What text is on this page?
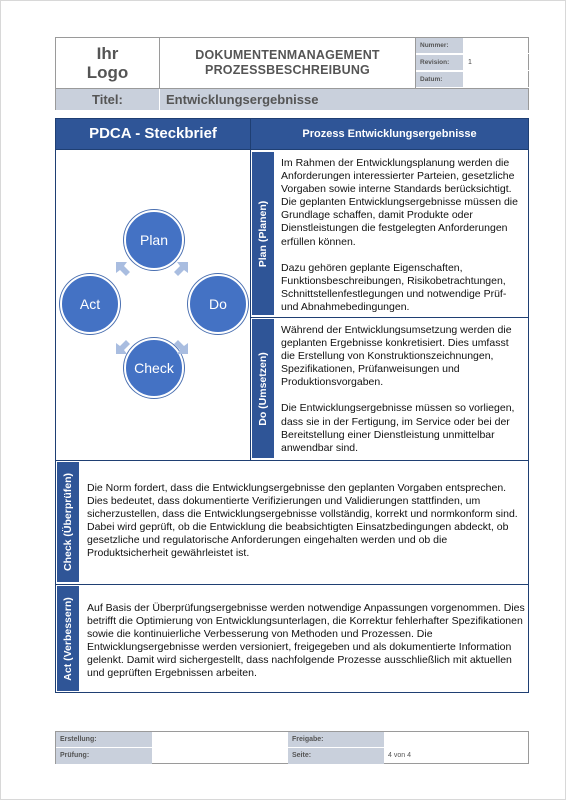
Ihr
Logo
DOKUMENTENMANAGEMENT
PROZESSBESCHREIBUNG
Nummer:
Revision:	1
Datum:
Titel:	Entwicklungsergebnisse
PDCA - Steckbrief	Prozess Entwicklungsergebnisse
Plan
Do
Check
Act
Plan (Planen)

Im Rahmen der Entwicklungsplanung werden die Anforderungen interessierter Parteien, gesetzliche Vorgaben sowie interne Standards berücksichtigt. Die geplanten Entwicklungsergebnisse müssen die Grundlage schaffen, damit Produkte oder Dienstleistungen die festgelegten Anforderungen erfüllen können.

Dazu gehören geplante Eigenschaften, Funktionsbeschreibungen, Risikobetrachtungen, Schnittstellenfestlegungen und notwendige Prüf- und Abnahmebedingungen.

Do (Umsetzen)

Während der Entwicklungsumsetzung werden die geplanten Ergebnisse konkretisiert. Dies umfasst die Erstellung von Konstruktionszeichnungen, Spezifikationen, Prüfanweisungen und Produktionsvorgaben.

Die Entwicklungsergebnisse müssen so vorliegen, dass sie in der Fertigung, im Service oder bei der Bereitstellung einer Dienstleistung unmittelbar anwendbar sind.

Check (Überprüfen) Die Norm fordert, dass die Entwicklungsergebnisse den geplanten Vorgaben entsprechen. Dies bedeutet, dass dokumentierte Verifizierungen und Validierungen stattfinden, um sicherzustellen, dass die Entwicklungsergebnisse vollständig, korrekt und normkonform sind. Dabei wird geprüft, ob die Entwicklung die beabsichtigten Einsatzbedingungen abdeckt, ob gesetzliche und regulatorische Anforderungen eingehalten werden und ob die Produktsicherheit gewährleistet ist.
Act (Verbessern) Auf Basis der Überprüfungsergebnisse werden notwendige Anpassungen vorgenommen. Dies betrifft die Optimierung von Entwicklungsunterlagen, die Korrektur fehlerhafter Spezifikationen sowie die kontinuierliche Verbesserung von Methoden und Prozessen. Die Entwicklungsergebnisse werden versioniert, freigegeben und als dokumentierte Information gelenkt. Damit wird sichergestellt, dass nachfolgende Prozesse ausschließlich mit aktuellen und geprüften Ergebnissen arbeiten.
Erstellung:	Freigabe:
Prüfung:	Seite:	4 von 4
